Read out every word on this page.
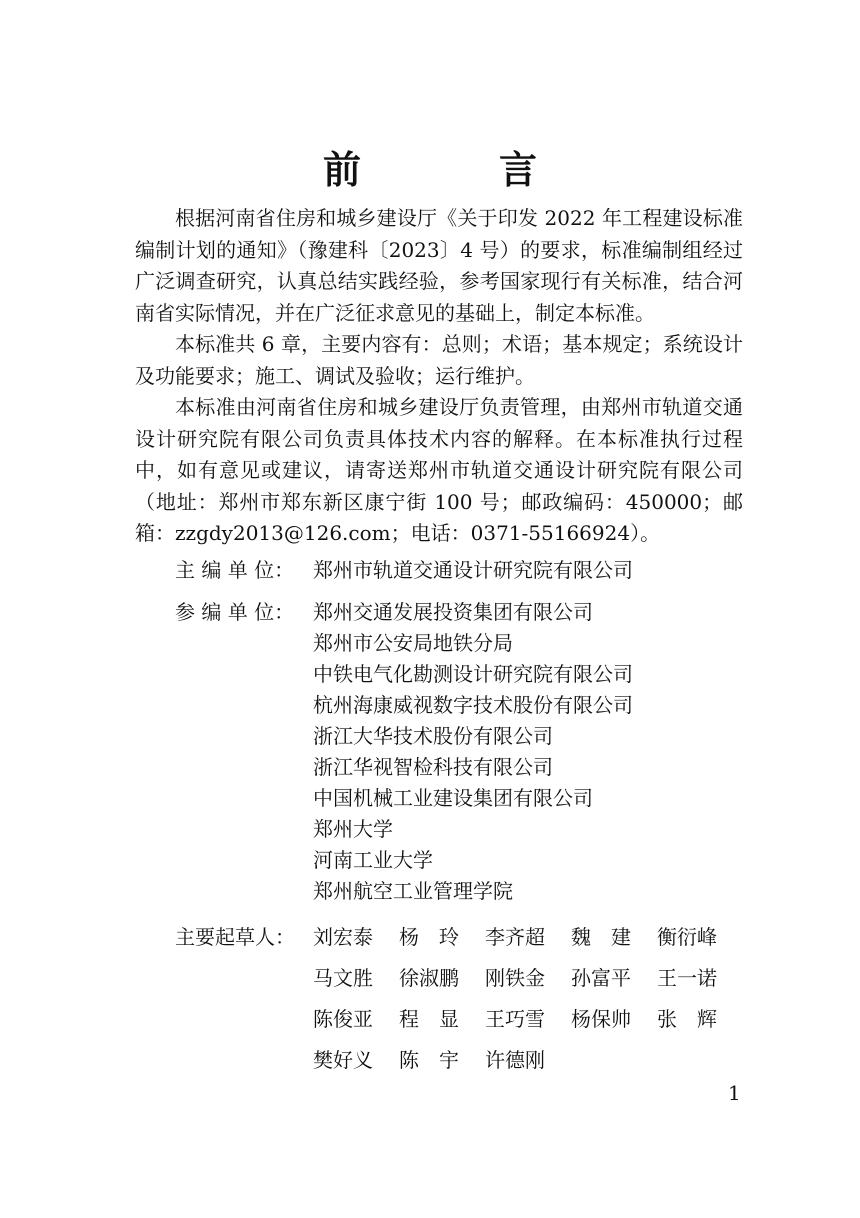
前　言

根据河南省住房和城乡建设厅《关于印发 2022 年工程建设标准编制计划的通知》（豫建科〔2023〕4 号）的要求，标准编制组经过广泛调查研究，认真总结实践经验，参考国家现行有关标准，结合河南省实际情况，并在广泛征求意见的基础上，制定本标准。

本标准共 6 章，主要内容有：总则；术语；基本规定；系统设计及功能要求；施工、调试及验收；运行维护。

本标准由河南省住房和城乡建设厅负责管理，由郑州市轨道交通设计研究院有限公司负责具体技术内容的解释。在本标准执行过程中，如有意见或建议，请寄送郑州市轨道交通设计研究院有限公司（地址：郑州市郑东新区康宁街 100 号；邮政编码：450000；邮箱：zzgdy2013@126.com；电话：0371-55166924）。

主 编 单 位： 郑州市轨道交通设计研究院有限公司
参 编 单 位： 郑州交通发展投资集团有限公司
郑州市公安局地铁分局
中铁电气化勘测设计研究院有限公司
杭州海康威视数字技术股份有限公司
浙江大华技术股份有限公司
浙江华视智检科技有限公司
中国机械工业建设集团有限公司
郑州大学
河南工业大学
郑州航空工业管理学院
主要起草人： 刘宏泰	杨　玲	李齐超	魏　建	衡衍峰
马文胜	徐淑鹏	刚铁金	孙富平	王一诺
陈俊亚	程　显	王巧雪	杨保帅	张　辉
樊好义	陈　宇	许德刚
1
